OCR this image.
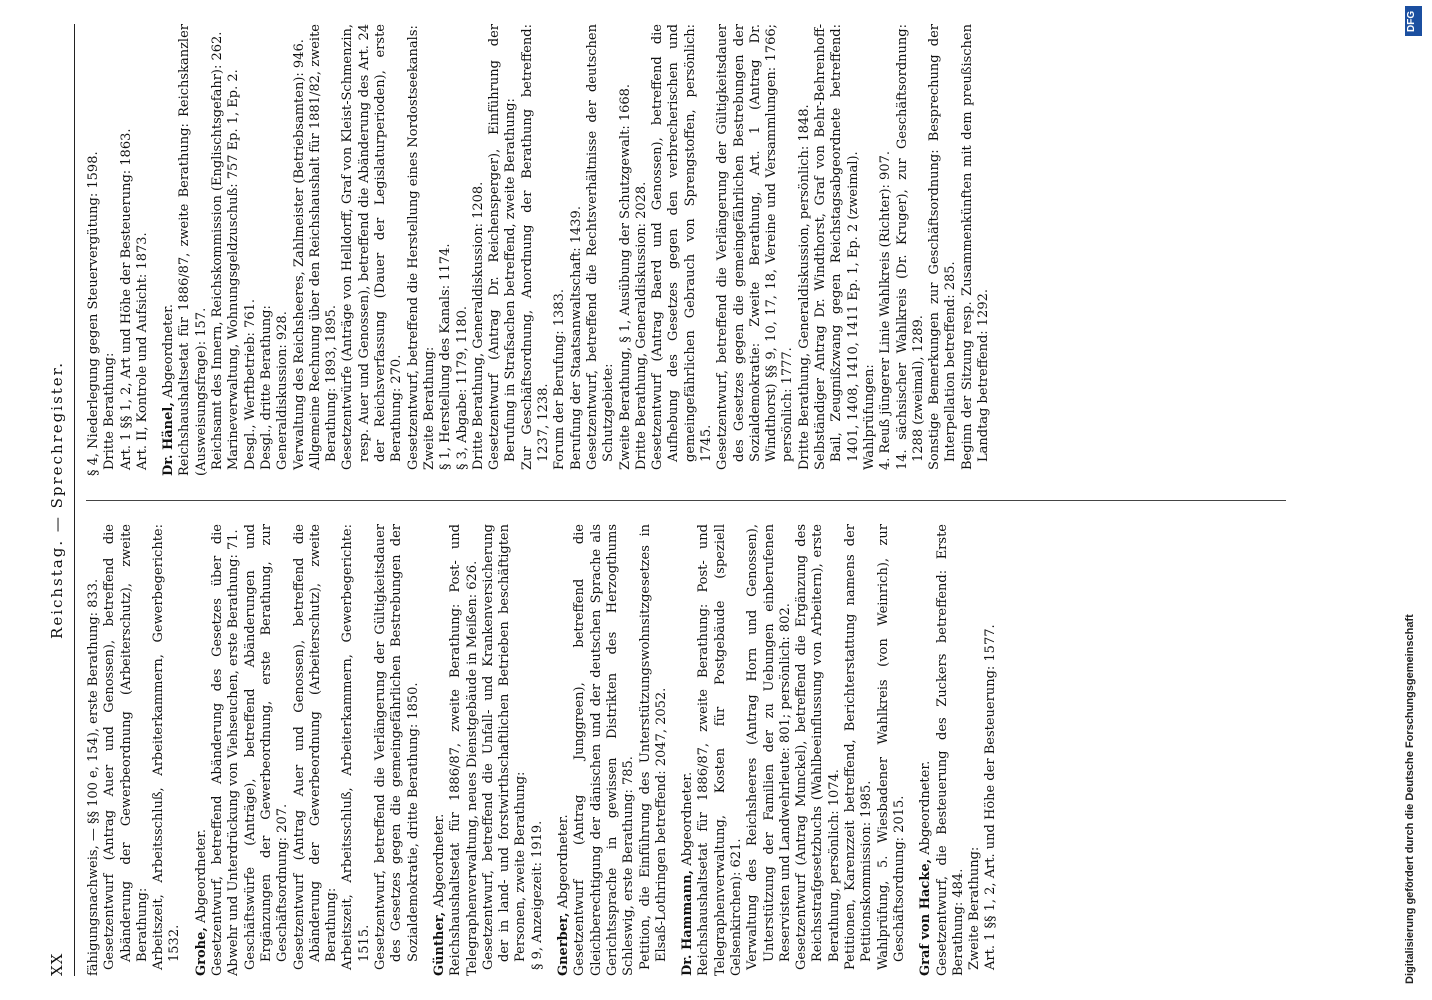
XX
Reichstag. — Sprechregister.
fähigungsnachweis, — §§ 100 e, 154), erste Berathung: 833. Gesetzentwurf (Antrag Auer und Genossen), betreffend die Abänderung der Gewerbeordnung (Arbeiterschutz), zweite Berathung: Arbeitszeit, Arbeitsschluß, Arbeiterkammern, Gewerbegerichte: 1532. Grohe, Abgeordneter.
Gesetzentwurf, betreffend Abänderung des Gesetzes über die Abwehr und Unterdrückung von Viehseuchen, erste Berathung: 71. Geschäftswürfe (Anträge), betreffend Abänderungen und Ergänzungen der Gewerbeordnung, erste Berathung, zur Geschäftsordnung: 207. Gesetzentwurf (Antrag Auer und Genossen), betreffend die Abänderung der Gewerbeordnung (Arbeiterschutz), zweite Berathung: Arbeitszeit, Arbeitsschluß, Arbeiterkammern, Gewerbegerichte: 1515. Gesetzentwurf, betreffend die Verlängerung der Gültigkeitsdauer des Gesetzes gegen die gemeingefährlichen Bestrebungen der Sozialdemokratie, dritte Berathung: 1850. Günther, Abgeordneter.
Reichshaushaltsetat für 1886/87, zweite Berathung: Post- und Telegraphenverwaltung, neues Dienstgebäude in Meißen: 626. Gesetzentwurf, betreffend die Unfall- und Krankenversicherung der in land- und forstwirthschaftlichen Betrieben beschäftigten Personen, zweite Berathung: § 9, Anzeigezeit: 1919. Gnerber, Abgeordneter.
Gesetzentwurf (Antrag Junggreen), betreffend die Gleichberechtigung der dänischen und der deutschen Sprache als Gerichtssprache in gewissen Distrikten des Herzogthums Schleswig, erste Berathung: 785. Petition, die Einführung des Unterstützungswohnsitzgesetzes in Elsaß-Lothringen betreffend: 2047, 2052. Dr. Hammann, Abgeordneter.
Reichshaushaltsetat für 1886/87, zweite Berathung: Post- und Telegraphenverwaltung, Kosten für Postgebäude (speziell Gelsenkirchen): 621. Verwaltung des Reichsheeres (Antrag Horn und Genossen), Unterstützung der Familien der zu Uebungen einberufenen Reservisten und Landwehrleute: 801; persönlich: 802. Gesetzentwurf (Antrag Munckel), betreffend die Ergänzung des Reichsstrafgesetzbuchs (Wahlbeeinflussung von Arbeitern), erste Berathung, persönlich: 1074. Petitionen, Karenzzeit betreffend, Berichterstattung namens der Petitionskommission: 1985. Wahlprüfung, 5. Wiesbadener Wahlkreis (von Weinrich), zur Geschäftsordnung: 2015. Graf von Hacke, Abgeordneter.
Gesetzentwurf, die Besteuerung des Zuckers betreffend: Erste Berathung: 484. Zweite Berathung: Art. 1 §§ 1, 2, Art. und Höhe der Besteuerung: 1577.
§ 4, Niederlegung gegen Steuervergütung: 1598. Dritte Berathung: Art. 1 §§ 1, 2, Art und Höhe der Besteuerung: 1863. Art. II, Kontrole und Aufsicht: 1873. Dr. Hänel, Abgeordneter.
Reichshaushaltsetat für 1886/87, zweite Berathung: Reichskanzler (Ausweisungsfrage): 157. Reichsamt des Innern, Reichskommission (Englischtsgefahr): 262. Marineverwaltung, Wohnungsgeldzuschuß: 757 Ep. 1, Ep. 2. Desgl., Werftbetrieb: 761. Desgl., dritte Berathung: Generaldiskussion: 928. Verwaltung des Reichsheeres, Zahlmeister (Betriebsamten): 946. Allgemeine Rechnung über den Reichshaushalt für 1881/82, zweite Berathung: 1893, 1895. Gesetzentwürfe (Anträge von Helldorff, Graf von Kleist-Schmenzin, resp. Auer und Genossen), betreffend die Abänderung des Art. 24 der Reichsverfassung (Dauer der Legislaturperioden), erste Berathung: 270. Gesetzentwurf, betreffend die Herstellung eines Nordostseekanals: Zweite Berathung: § 1, Herstellung des Kanals: 1174. § 3, Abgabe: 1179, 1180. Dritte Berathung, Generaldiskussion: 1208. Gesetzentwurf (Antrag Dr. Reichensperger), Einführung der Berufung in Strafsachen betreffend, zweite Berathung: Zur Geschäftsordnung, Anordnung der Berathung betreffend: 1237, 1238. Forum der Berufung: 1383. Berufung der Staatsanwaltschaft: 1439. Gesetzentwurf, betreffend die Rechtsverhältnisse der deutschen Schutzgebiete: Zweite Berathung, § 1, Ausübung der Schutzgewalt: 1668. Dritte Berathung, Generaldiskussion: 2028. Gesetzentwurf (Antrag Baerd und Genossen), betreffend die Aufhebung des Gesetzes gegen den verbrecherischen und gemeingefährlichen Gebrauch von Sprengstoffen, persönlich: 1745. Gesetzentwurf, betreffend die Verlängerung der Gültigkeitsdauer des Gesetzes gegen die gemeingefährlichen Bestrebungen der Sozialdemokratie: Zweite Berathung, Art. 1 (Antrag Dr. Windthorst) §§ 9, 10, 17, 18, Vereine und Versammlungen: 1766; persönlich: 1777. Dritte Berathung, Generaldiskussion, persönlich: 1848. Selbständiger Antrag Dr. Windthorst, Graf von Behr-Behrenhoff-Bail, Zeugnißzwang gegen Reichstagsabgeordnete betreffend: 1401, 1408, 1410, 1411 Ep. 1, Ep. 2 (zweimal). Wahlprüfungen: 4. Reuß jüngerer Linie Wahlkreis (Richter): 907. 14. sächsischer Wahlkreis (Dr. Kruger), zur Geschäftsordnung: 1288 (zweimal), 1289. Sonstige Bemerkungen zur Geschäftsordnung: Besprechung der Interpellation betreffend: 285. Beginn der Sitzung resp. Zusammenkünften mit dem preußischen Landtag betreffend: 1292.
Digitalisierung gefördert durch die Deutsche Forschungsgemeinschaft
DFG
